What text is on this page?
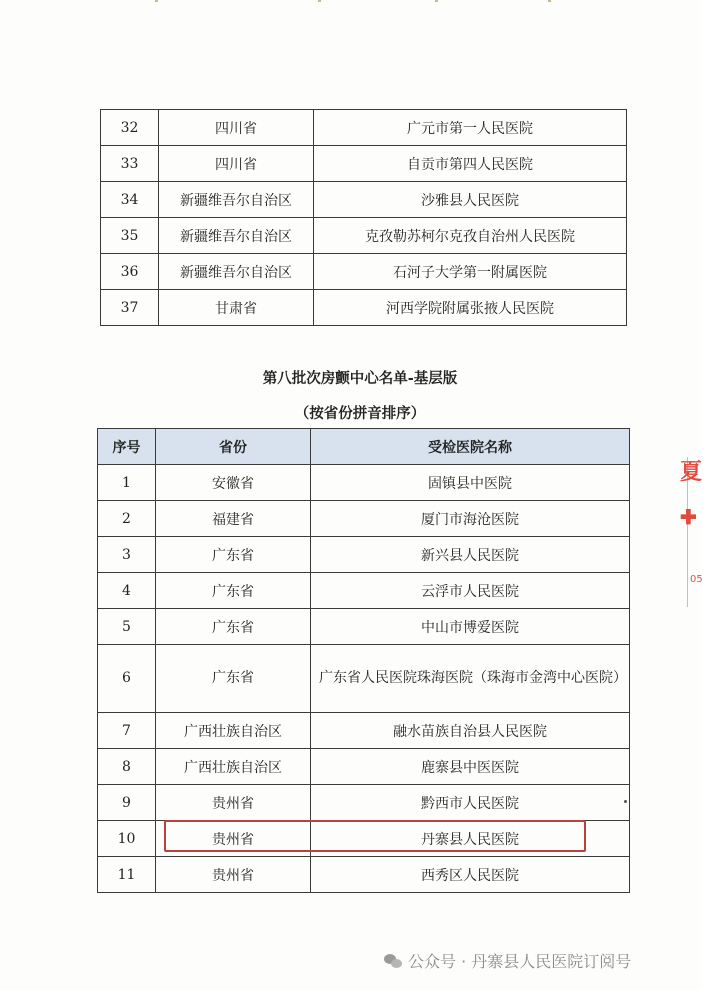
32	四川省	广元市第一人民医院
33	四川省	自贡市第四人民医院
34	新疆维吾尔自治区	沙雅县人民医院
35	新疆维吾尔自治区	克孜勒苏柯尔克孜自治州人民医院
36	新疆维吾尔自治区	石河子大学第一附属医院
37	甘肃省	河西学院附属张掖人民医院
第八批次房颤中心名单-基层版
（按省份拼音排序）
序号	省份	受检医院名称
1	安徽省	固镇县中医院
2	福建省	厦门市海沧医院
3	广东省	新兴县人民医院
4	广东省	云浮市人民医院
5	广东省	中山市博爱医院
6	广东省	广东省人民医院珠海医院（珠海市金湾中心医院）
7	广西壮族自治区	融水苗族自治县人民医院
8	广西壮族自治区	鹿寨县中医医院
9	贵州省	黔西市人民医院
10	贵州省	丹寨县人民医院
11	贵州省	西秀区人民医院
夏
✚
05
公众号 · 丹寨县人民医院订阅号
